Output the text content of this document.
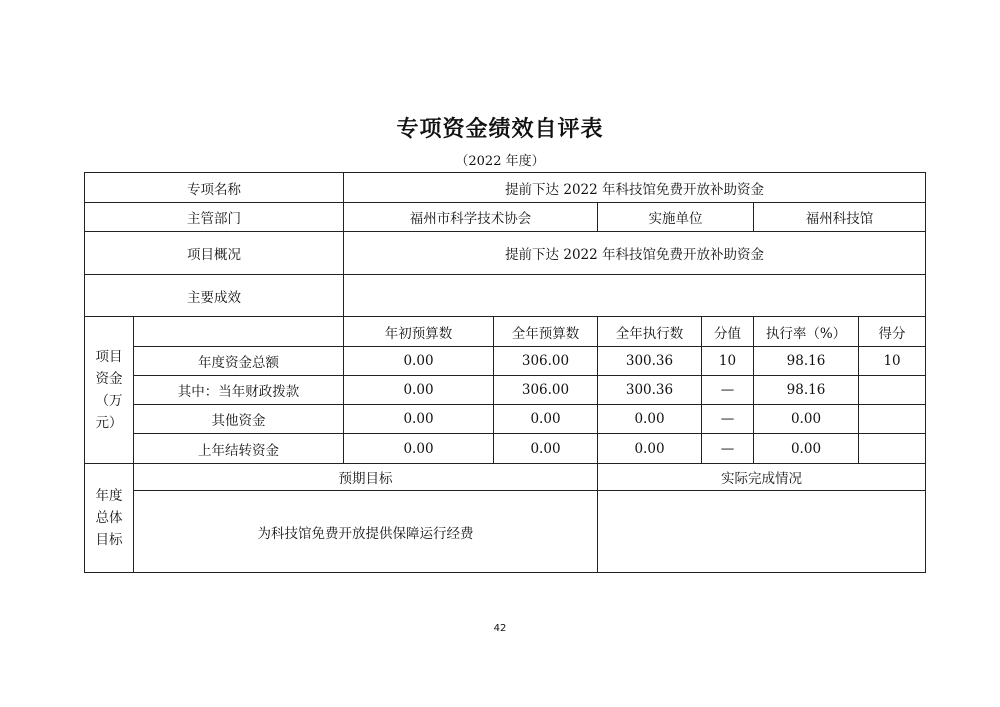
专项资金绩效自评表
（2022 年度）
专项名称		提前下达 2022 年科技馆免费开放补助资金					
主管部门		福州市科学技术协会		实施单位		福州科技馆	
项目概况		提前下达 2022 年科技馆免费开放补助资金					
主要成效							

项目
资金
（万
元）		年初预算数	全年预算数	全年执行数	分值	执行率（%）	得分
	年度资金总额	0.00	306.00	300.36	10	98.16	10
	其中：当年财政拨款	0.00	306.00	300.36	—	98.16	
	其他资金	0.00	0.00	0.00	—	0.00	
	上年结转资金	0.00	0.00	0.00	—	0.00	

年度
总体
目标	预期目标			实际完成情况			
	为科技馆免费开放提供保障运行经费						
42
